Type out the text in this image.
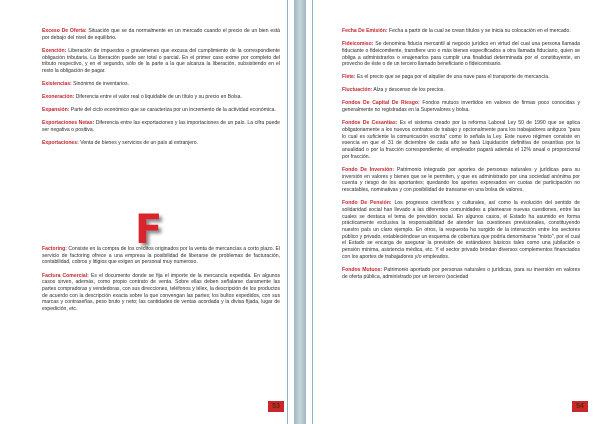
Exceso De Oferta: Situación que se da normalmente en un mercado cuando el precio de un bien está por debajo del nivel de equilibrio.

Exención: Liberación de impuestos o gravámenes que excusa del cumplimiento de la correspondiente obligación tributaria. La liberación puede ser total o parcial. En el primer caso exime por completo del tributo respectivo, y en el segundo, sólo de la parte a la que alcanza la liberación, subsistiendo en el resto la obligación de pagar.

Existencias: Sinónimo de inventarios.

Exoneración: Diferencia entre el valor real o liquidable de un título y su precio en Bolsa.

Expansión: Parte del ciclo económico que se caracteriza por un incremento de la actividad económica.

Exportaciones Netas: Diferencia entre las exportaciones y las importaciones de un país. La cifra puede ser negativa o positiva.

Exportaciones: Venta de bienes y servicios de un país al extranjero.

F

Factoring: Consiste en la compra de los créditos originados por la venta de mercancías a corto plazo. El servicio de factoring ofrece a una empresa la posibilidad de liberarse de problemas de facturación, contabilidad, cobros y litigios que exigen un personal muy numeroso.

Factura Comercial: Es el documento donde se fija el importe de la mercancía expedida. En algunos casos sirven, además, como propio contrato de venta. Sobre ellas deben señalarse claramente las partes compradoras y vendedoras, con sus direcciones, teléfonos y télex, la descripción de los productos de acuerdo con la descripción exacta sobre la que convengan las partes; los bultos expedidos, con sus marcas y contraseñas, peso bruto y neto; las cantidades de ventas acordada y la divisa fijada, lugar de expedición, etc.

53

Fecha De Emisión: Fecha a partir de la cual se crean títulos y se inicia su colocación en el mercado.

Fideicomiso: Se denomina fiducia mercantil al negocio jurídico en virtud del cual una persona llamada fiduciante o fideicomitente, transfiere uno o más bienes especificados a otra llamada fiduciario, quien se obliga a administrarlos o enajenarlos para cumplir una finalidad determinada por el constituyente, en provecho de éste o de un tercero llamado beneficiario o fideicomisario.

Flete: Es el precio que se paga por el alquiler de una nave para el transporte de mercancía.

Fluctuación: Alza y descenso de los precios.

Fondos De Capital De Riesgo: Fondos mutuos invertidos en valores de firmas poco conocidas y generalmente no registradas en la Supervalores y bolsa.

Fondos De Cesantías: Es el sistema creado por la reforma Laboral Ley 50 de 1990 que se aplica obligatoriamente a los nuevos contratos de trabajo y opcionalmente para los trabajadores antiguos "para lo cual es suficiente la comunicación escrita" como lo señala la Ley. Este nuevo régimen consiste en esencia en que el 31 de diciembre de cada año se hará Liquidación definitiva de cesantías por la anualidad o por la fracción correspondiente; el empleador pagará además el 12% anual o proporcional por fracción.

Fondo De Inversión: Patrimonio integrado por aportes de personas naturales y jurídicas para su inversión en valores y bienes que se le permiten, y que es administrado por una sociedad anónima por cuenta y riesgo de los aportantes; quedando los aportes expresados en cuotas de participación no rescatables, nominativas y con posibilidad de transarse en una bolsa de valores.

Fondo De Pensión: Los progresos científicos y culturales, así como la evolución del sentido de solidaridad social han llevado a las diferentes comunidades a plantearse nuevas cuestiones, entre las cuales se destaca el tema de previsión social. En algunos casos, el Estado ha asumido en forma prácticamente exclusiva la responsabilidad de atender las cuestiones previsionales, constituyendo nuestro país un claro ejemplo. En otros, la respuesta ha surgido de la interacción entre los sectores público y privado, estableciéndose un esquema de cobertura que podría denominarse "mixto", por el cual el Estado se encarga de asegurar la previsión de estándares básicos tales como una jubilación o pensión mínima, asistencia médica, etc. Y el sector privado brindan diversos complementos financiados con los aportes de trabajadores y/o empleados.

Fondos Mutuos: Patrimonio aportado por personas naturales o jurídicas, para su inversión en valores de oferta pública, administrado por un tercero (sociedad

54
